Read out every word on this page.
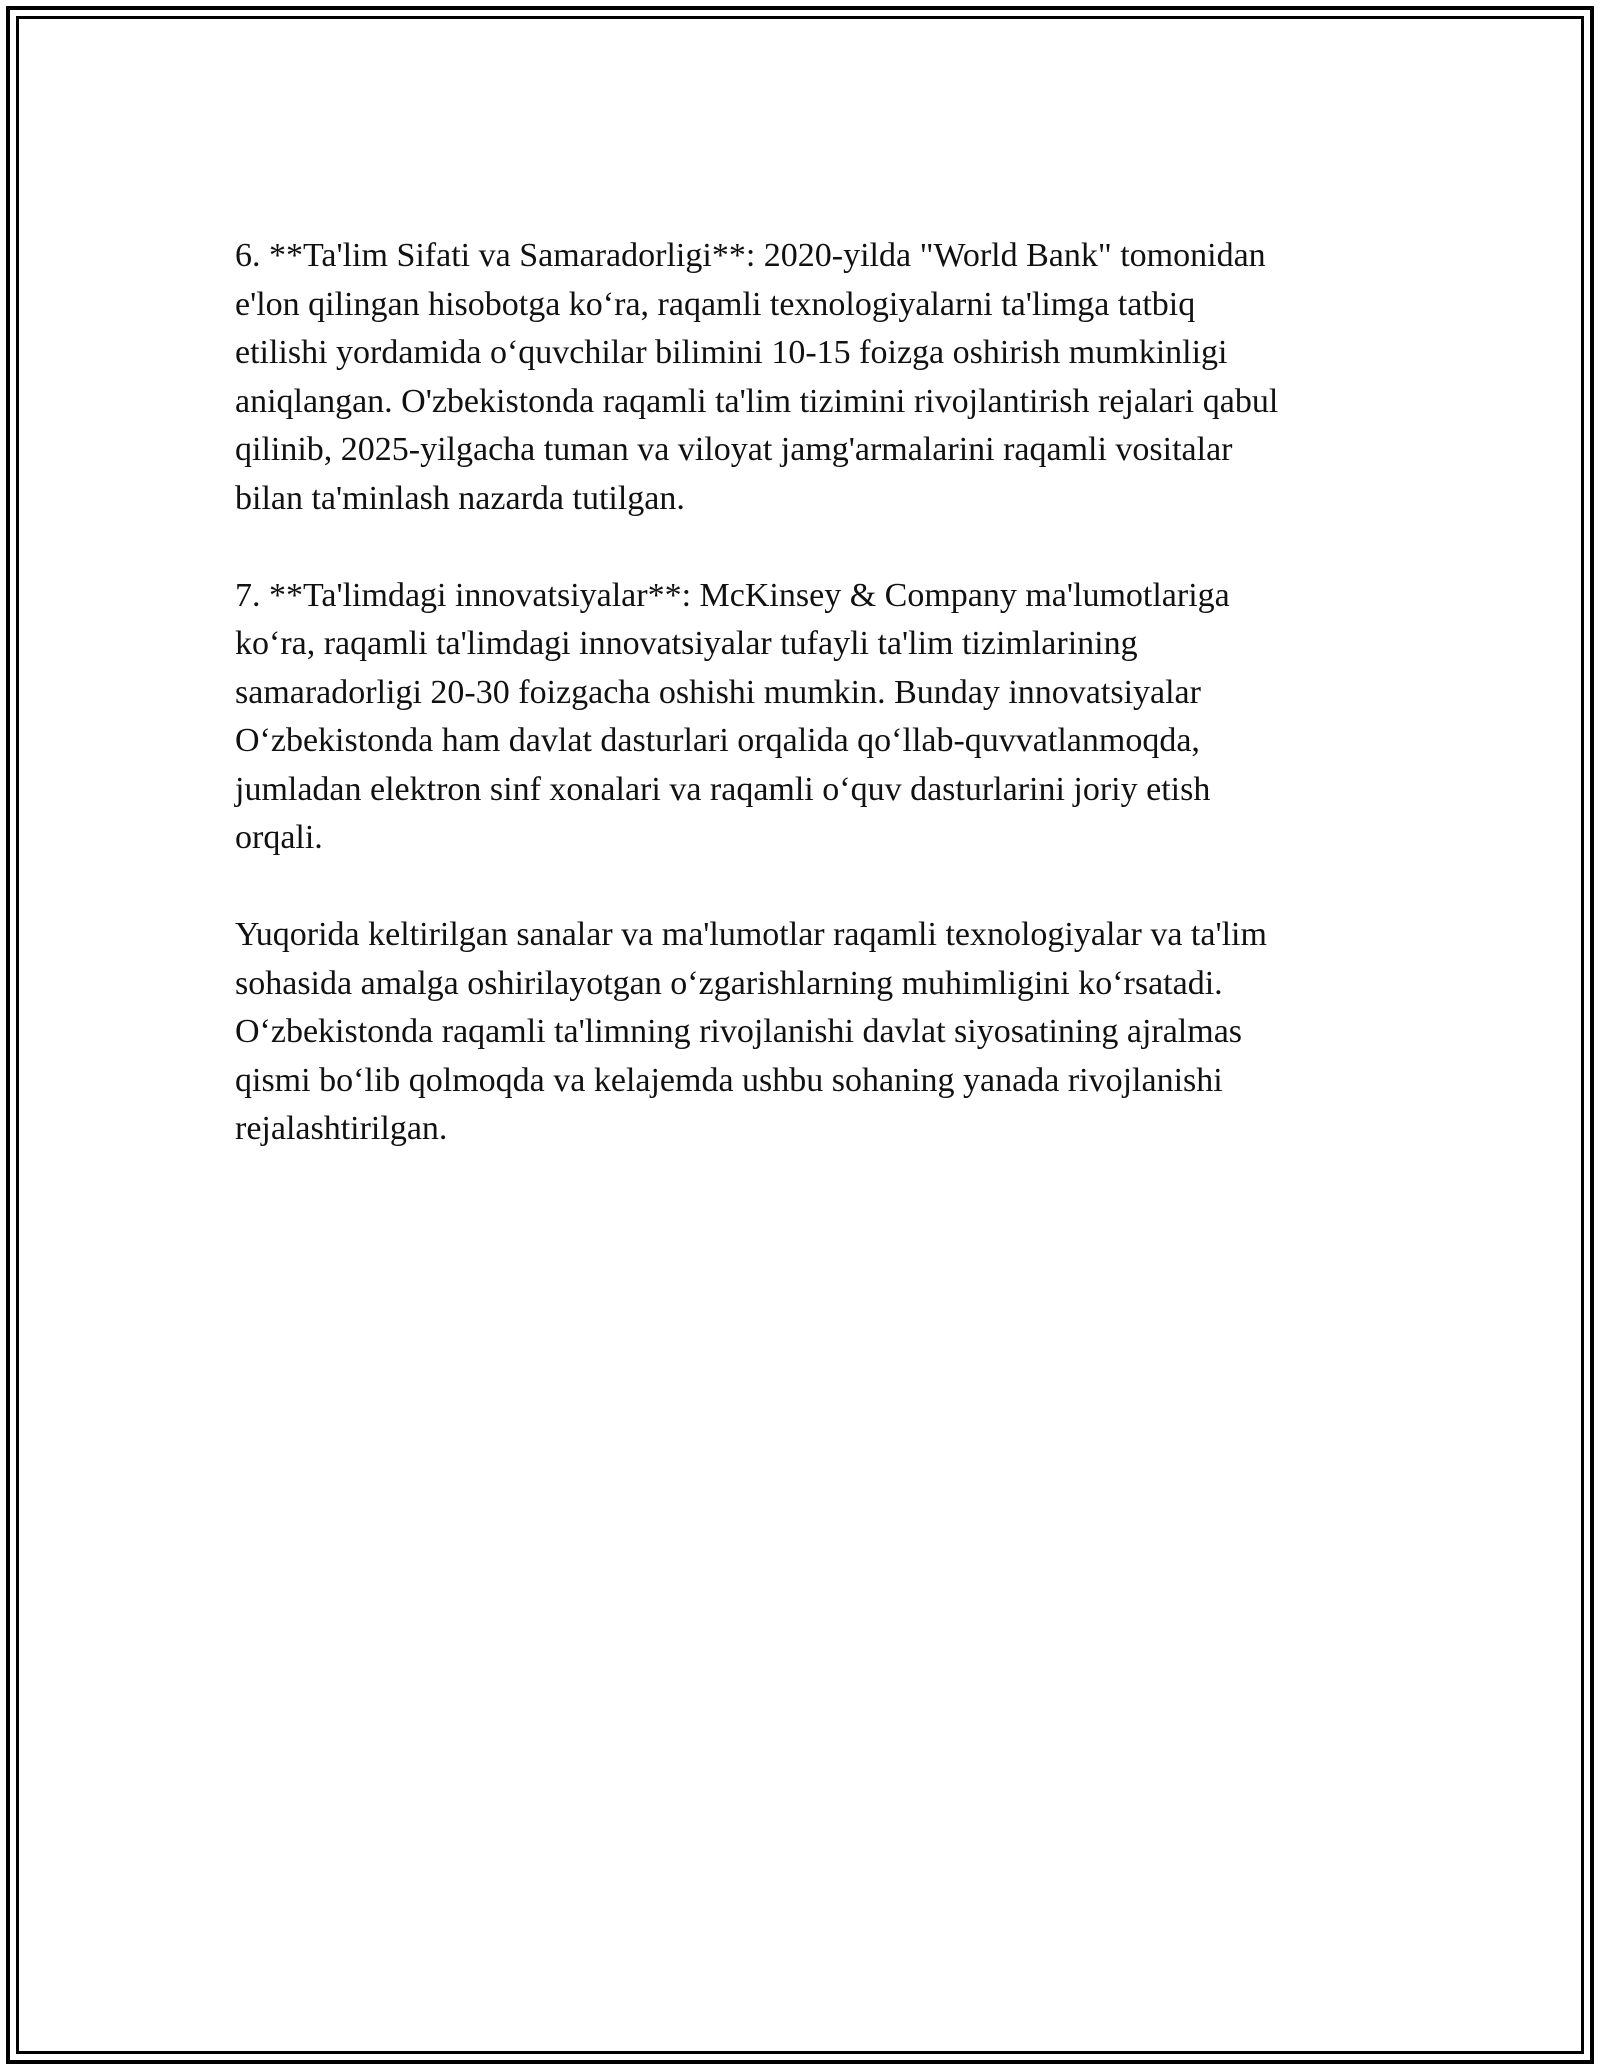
6. **Ta'lim Sifati va Samaradorligi**: 2020-yilda "World Bank" tomonidan
e'lon qilingan hisobotga ko‘ra, raqamli texnologiyalarni ta'limga tatbiq
etilishi yordamida o‘quvchilar bilimini 10-15 foizga oshirish mumkinligi
aniqlangan. O'zbekistonda raqamli ta'lim tizimini rivojlantirish rejalari qabul
qilinib, 2025-yilgacha tuman va viloyat jamg'armalarini raqamli vositalar
bilan ta'minlash nazarda tutilgan.

7. **Ta'limdagi innovatsiyalar**: McKinsey & Company ma'lumotlariga
ko‘ra, raqamli ta'limdagi innovatsiyalar tufayli ta'lim tizimlarining
samaradorligi 20-30 foizgacha oshishi mumkin. Bunday innovatsiyalar
O‘zbekistonda ham davlat dasturlari orqalida qo‘llab-quvvatlanmoqda,
jumladan elektron sinf xonalari va raqamli o‘quv dasturlarini joriy etish
orqali.

Yuqorida keltirilgan sanalar va ma'lumotlar raqamli texnologiyalar va ta'lim
sohasida amalga oshirilayotgan o‘zgarishlarning muhimligini ko‘rsatadi.
O‘zbekistonda raqamli ta'limning rivojlanishi davlat siyosatining ajralmas
qismi bo‘lib qolmoqda va kelajemda ushbu sohaning yanada rivojlanishi
rejalashtirilgan.
